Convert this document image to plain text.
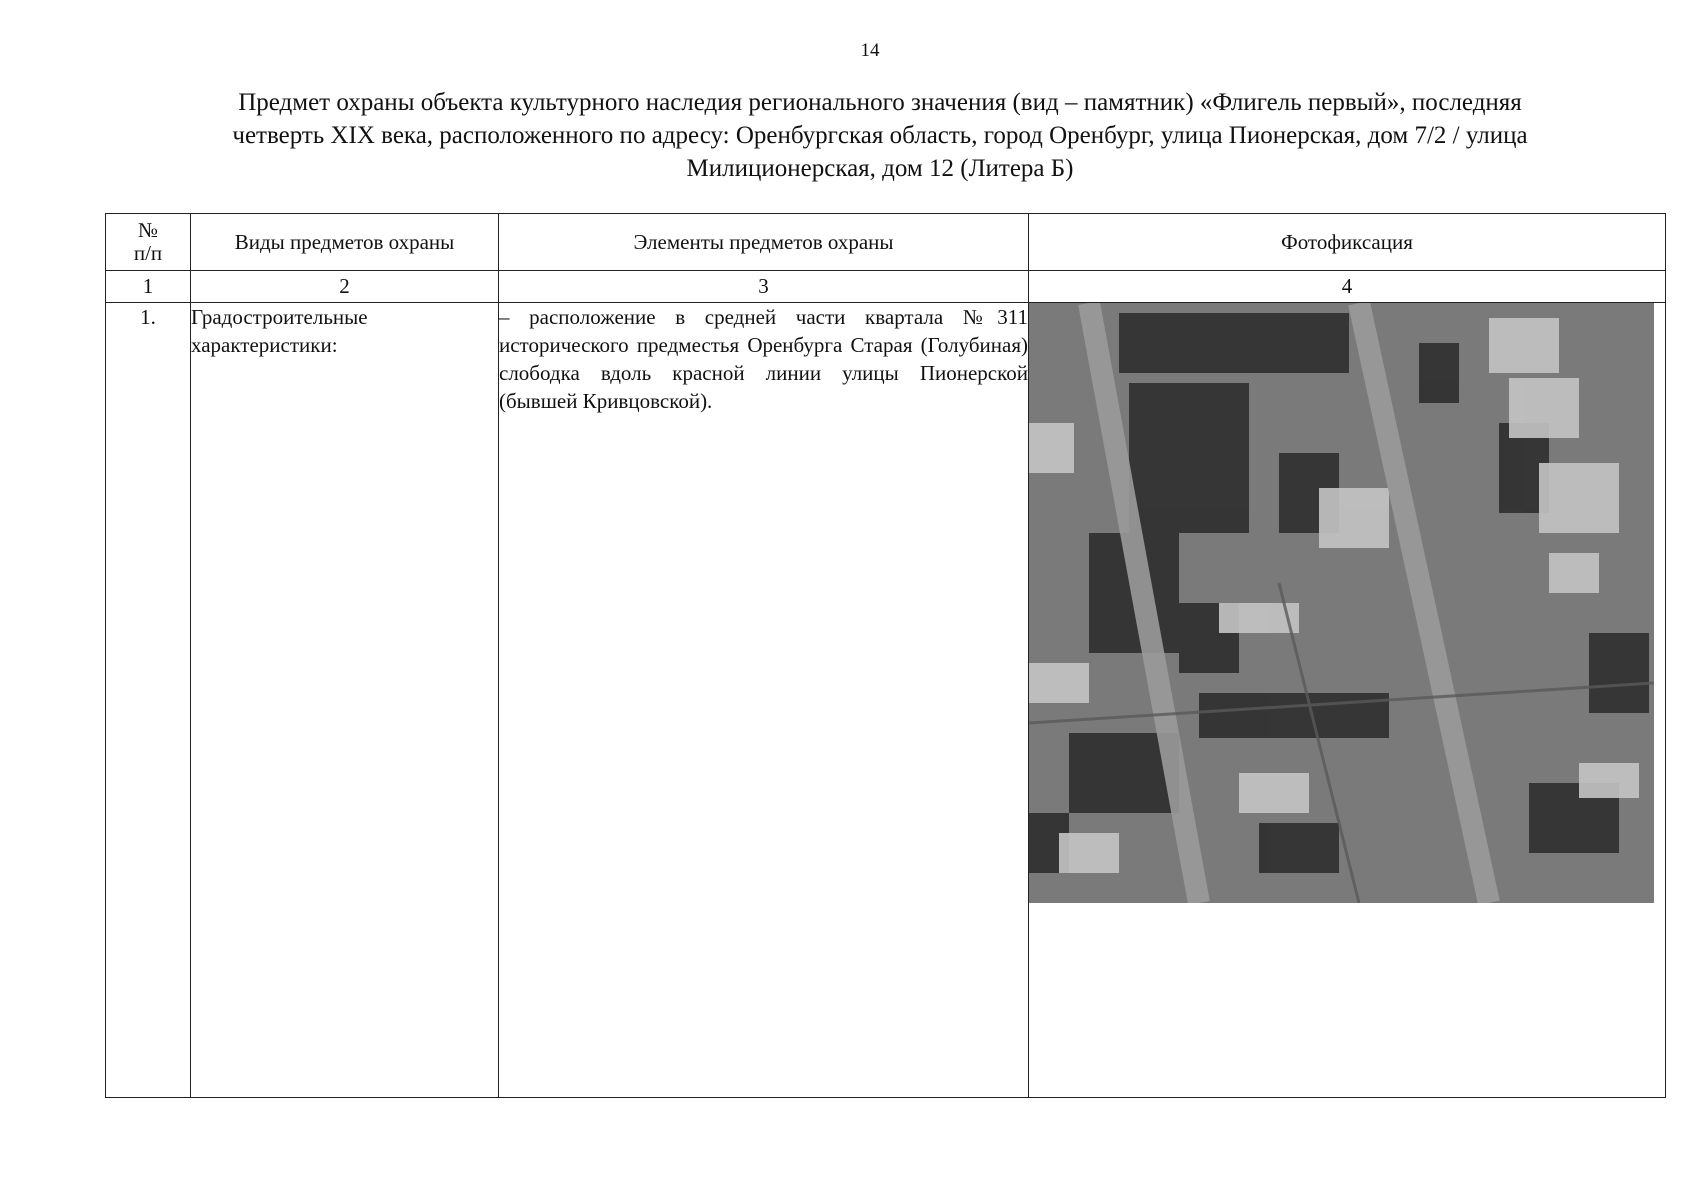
14
Предмет охраны объекта культурного наследия регионального значения (вид – памятник) «Флигель первый», последняя
четверть XIX века, расположенного по адресу: Оренбургская область, город Оренбург, улица Пионерская, дом 7/2 / улица
Милиционерская, дом 12 (Литера Б)
№
п/п	Виды предметов охраны	Элементы предметов охраны	Фотофиксация
1	2	3	4
1.	Градостроительные характеристики:	– расположение в средней части квартала №311 исторического предместья Оренбурга Старая (Голубиная) слободка вдоль красной линии улицы Пионерской (бывшей Кривцовской).	
